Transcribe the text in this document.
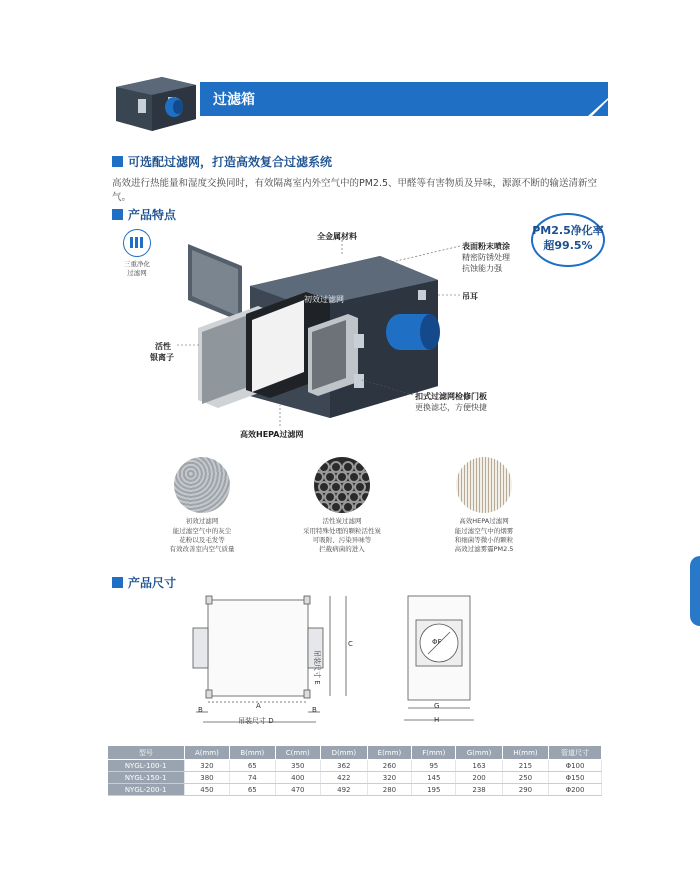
过滤箱
可选配过滤网，打造高效复合过滤系统
高效进行热能量和湿度交换同时，有效隔离室内外空气中的PM2.5、甲醛等有害物质及异味，源源不断的输送清新空气。
产品特点
三重净化
过滤网
PM2.5净化率
超99.5%
全金属材料
表面粉末喷涂
精密防锈处理
抗蚀能力强
吊耳
初效过滤网
活性
银离子
扣式过滤网检修门板
更换滤芯，方便快捷
高效HEPA过滤网
初效过滤网
能过滤空气中的灰尘
花粉以及毛发等
有效改善室内空气质量
活性炭过滤网
采用特殊处理的颗粒活性炭
可吸附、污染异味等
拦截病菌的进入
高效HEPA过滤网
能过滤空气中的烟雾
和细菌等微小的颗粒
高效过滤雾霾PM2.5
产品尺寸
A
B	B
吊装尺寸 D
吊装尺寸 E
C	ΦF
G
H
型号	A(mm)	B(mm)	C(mm)	D(mm)	E(mm)	F(mm)	G(mm)	H(mm)	管道尺寸
NYGL-100-1	320	65	350	362	260	95	163	215	Φ100
NYGL-150-1	380	74	400	422	320	145	200	250	Φ150
NYGL-200-1	450	65	470	492	280	195	238	290	Φ200
